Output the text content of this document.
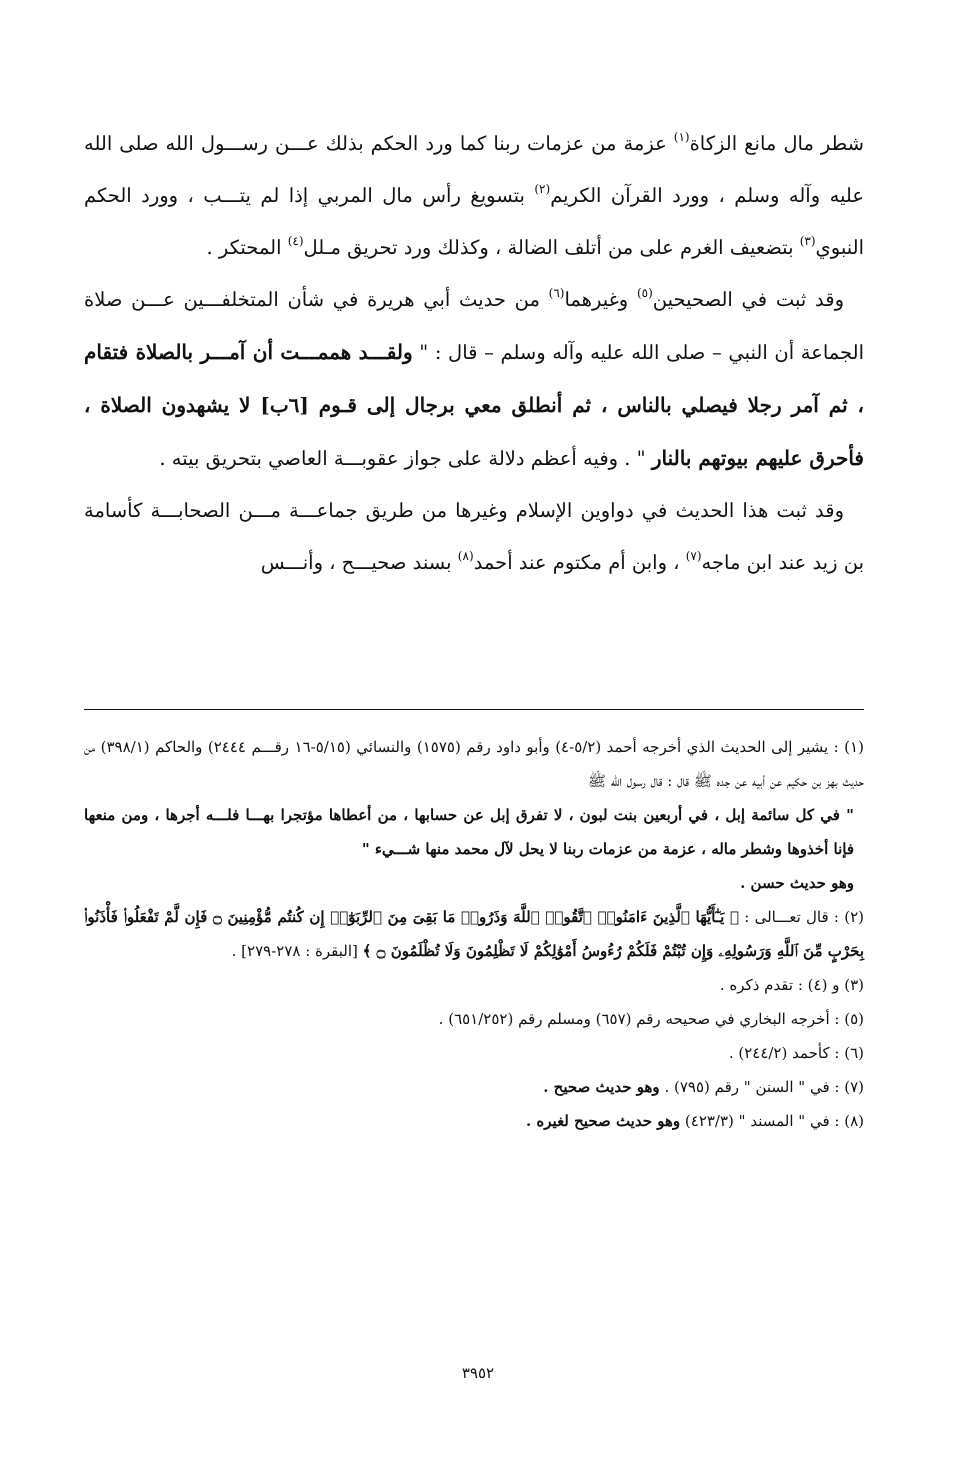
شطر مال مانع الزكاة$^{(١)}$ عزمة من عزمات ربنا كما ورد الحكم بذلك عـــن رســـول الله صلى الله عليه وآله وسلم ، وورد القرآن الكريم$^{(٢)}$ بتسويغ رأس مال المربي إذا لم يتـــب ، وورد الحكم النبوي$^{(٣)}$ بتضعيف الغرم على من أتلف الضالة ، وكذلك ورد تحريق مـلل$^{(٤)}$ المحتكر .

وقد ثبت في الصحيحين$^{(٥)}$ وغيرهما$^{(٦)}$ من حديث أبي هريرة في شأن المتخلفـــين عـــن صلاة الجماعة أن النبي – صلى الله عليه وآله وسلم – قال : " ولقـــد هممـــت أن آمـــر بالصلاة فتقام ، ثم آمر رجلا فيصلي بالناس ، ثم أنطلق معي برجال إلى قـوم [٦ب] لا يشهدون الصلاة ، فأحرق عليهم بيوتهم بالنار " . وفيه أعظم دلالة على جواز عقوبـــة العاصي بتحريق بيته .

وقد ثبت هذا الحديث في دواوين الإسلام وغيرها من طريق جماعـــة مـــن الصحابـــة كأسامة بن زيد عند ابن ماجه$^{(٧)}$ ، وابن أم مكتوم عند أحمد$^{(٨)}$ بسند صحيـــح ، وأنـــس

(١) : يشير إلى الحديث الذي أخرجه أحمد (٥/٢-٤) وأبو داود رقم (١٥٧٥) والنسائي (٥/١٥-١٦ رقـــم ٢٤٤٤) والحاكم (٣٩٨/١) من حديث بهز بن حكيم عن أبيه عن جده ﷺ قال : قال رسول الله ﷺ
" في كل سائمة إبل ، في أربعين بنت لبون ، لا تفرق إبل عن حسابها ، من أعطاها مؤتجرا بهـــا فلـــه أجرها ، ومن منعها فإنا أخذوها وشطر ماله ، عزمة من عزمات ربنا لا يحل لآل محمد منها شـــيء "
وهو حديث حسن .

(٢) : قال تعـــالى : ﴿ يَـٰٓأَيُّهَا ٱلَّذِينَ ءَامَنُوا۟ ٱتَّقُوا۟ ٱللَّهَ وَذَرُوا۟ مَا بَقِىَ مِنَ ٱلرِّبَوٰٓا۟ إِن كُنتُم مُّؤْمِنِينَ ۝ فَإِن لَّمْ تَفْعَلُوا۟ فَأْذَنُوا۟ بِحَرْبٍ مِّنَ ٱللَّهِ وَرَسُولِهِۦ وَإِن تُبْتُمْ فَلَكُمْ رُءُوسُ أَمْوَٰلِكُمْ لَا تَظْلِمُونَ وَلَا تُظْلَمُونَ ۝ ﴾ [البقرة : ٢٧٨-٢٧٩] .

(٣) و (٤) : تقدم ذكره .

(٥) : أخرجه البخاري في صحيحه رقم (٦٥٧) ومسلم رقم (٦٥١/٢٥٢) .

(٦) : كأحمد (٢٤٤/٢) .

(٧) : في " السنن " رقم (٧٩٥) . وهو حديث صحيح .

(٨) : في " المسند " (٤٢٣/٣) وهو حديث صحيح لغيره .

٣٩٥٢
